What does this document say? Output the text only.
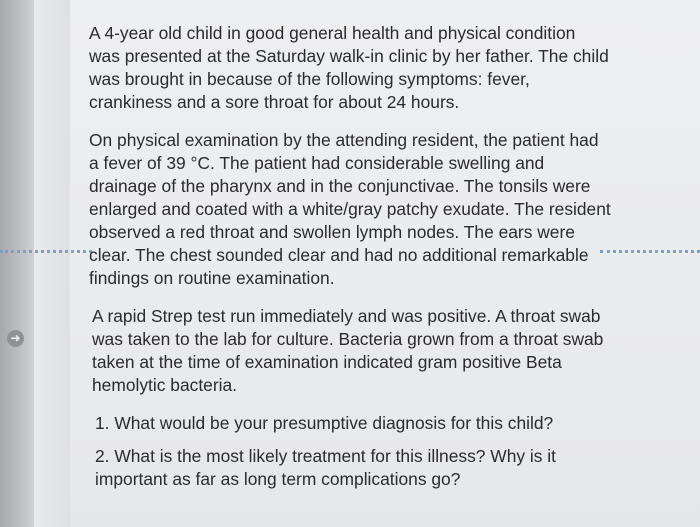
➜
A 4-year old child in good general health and physical condition
was presented at the Saturday walk-in clinic by her father. The child
was brought in because of the following symptoms: fever,
crankiness and a sore throat for about 24 hours.
On physical examination by the attending resident, the patient had
a fever of 39 °C. The patient had considerable swelling and
drainage of the pharynx and in the conjunctivae. The tonsils were
enlarged and coated with a white/gray patchy exudate. The resident
observed a red throat and swollen lymph nodes. The ears were
clear. The chest sounded clear and had no additional remarkable
findings on routine examination.
A rapid Strep test run immediately and was positive. A throat swab
was taken to the lab for culture. Bacteria grown from a throat swab
taken at the time of examination indicated gram positive Beta
hemolytic bacteria.
1. What would be your presumptive diagnosis for this child?
2. What is the most likely treatment for this illness? Why is it
important as far as long term complications go?
